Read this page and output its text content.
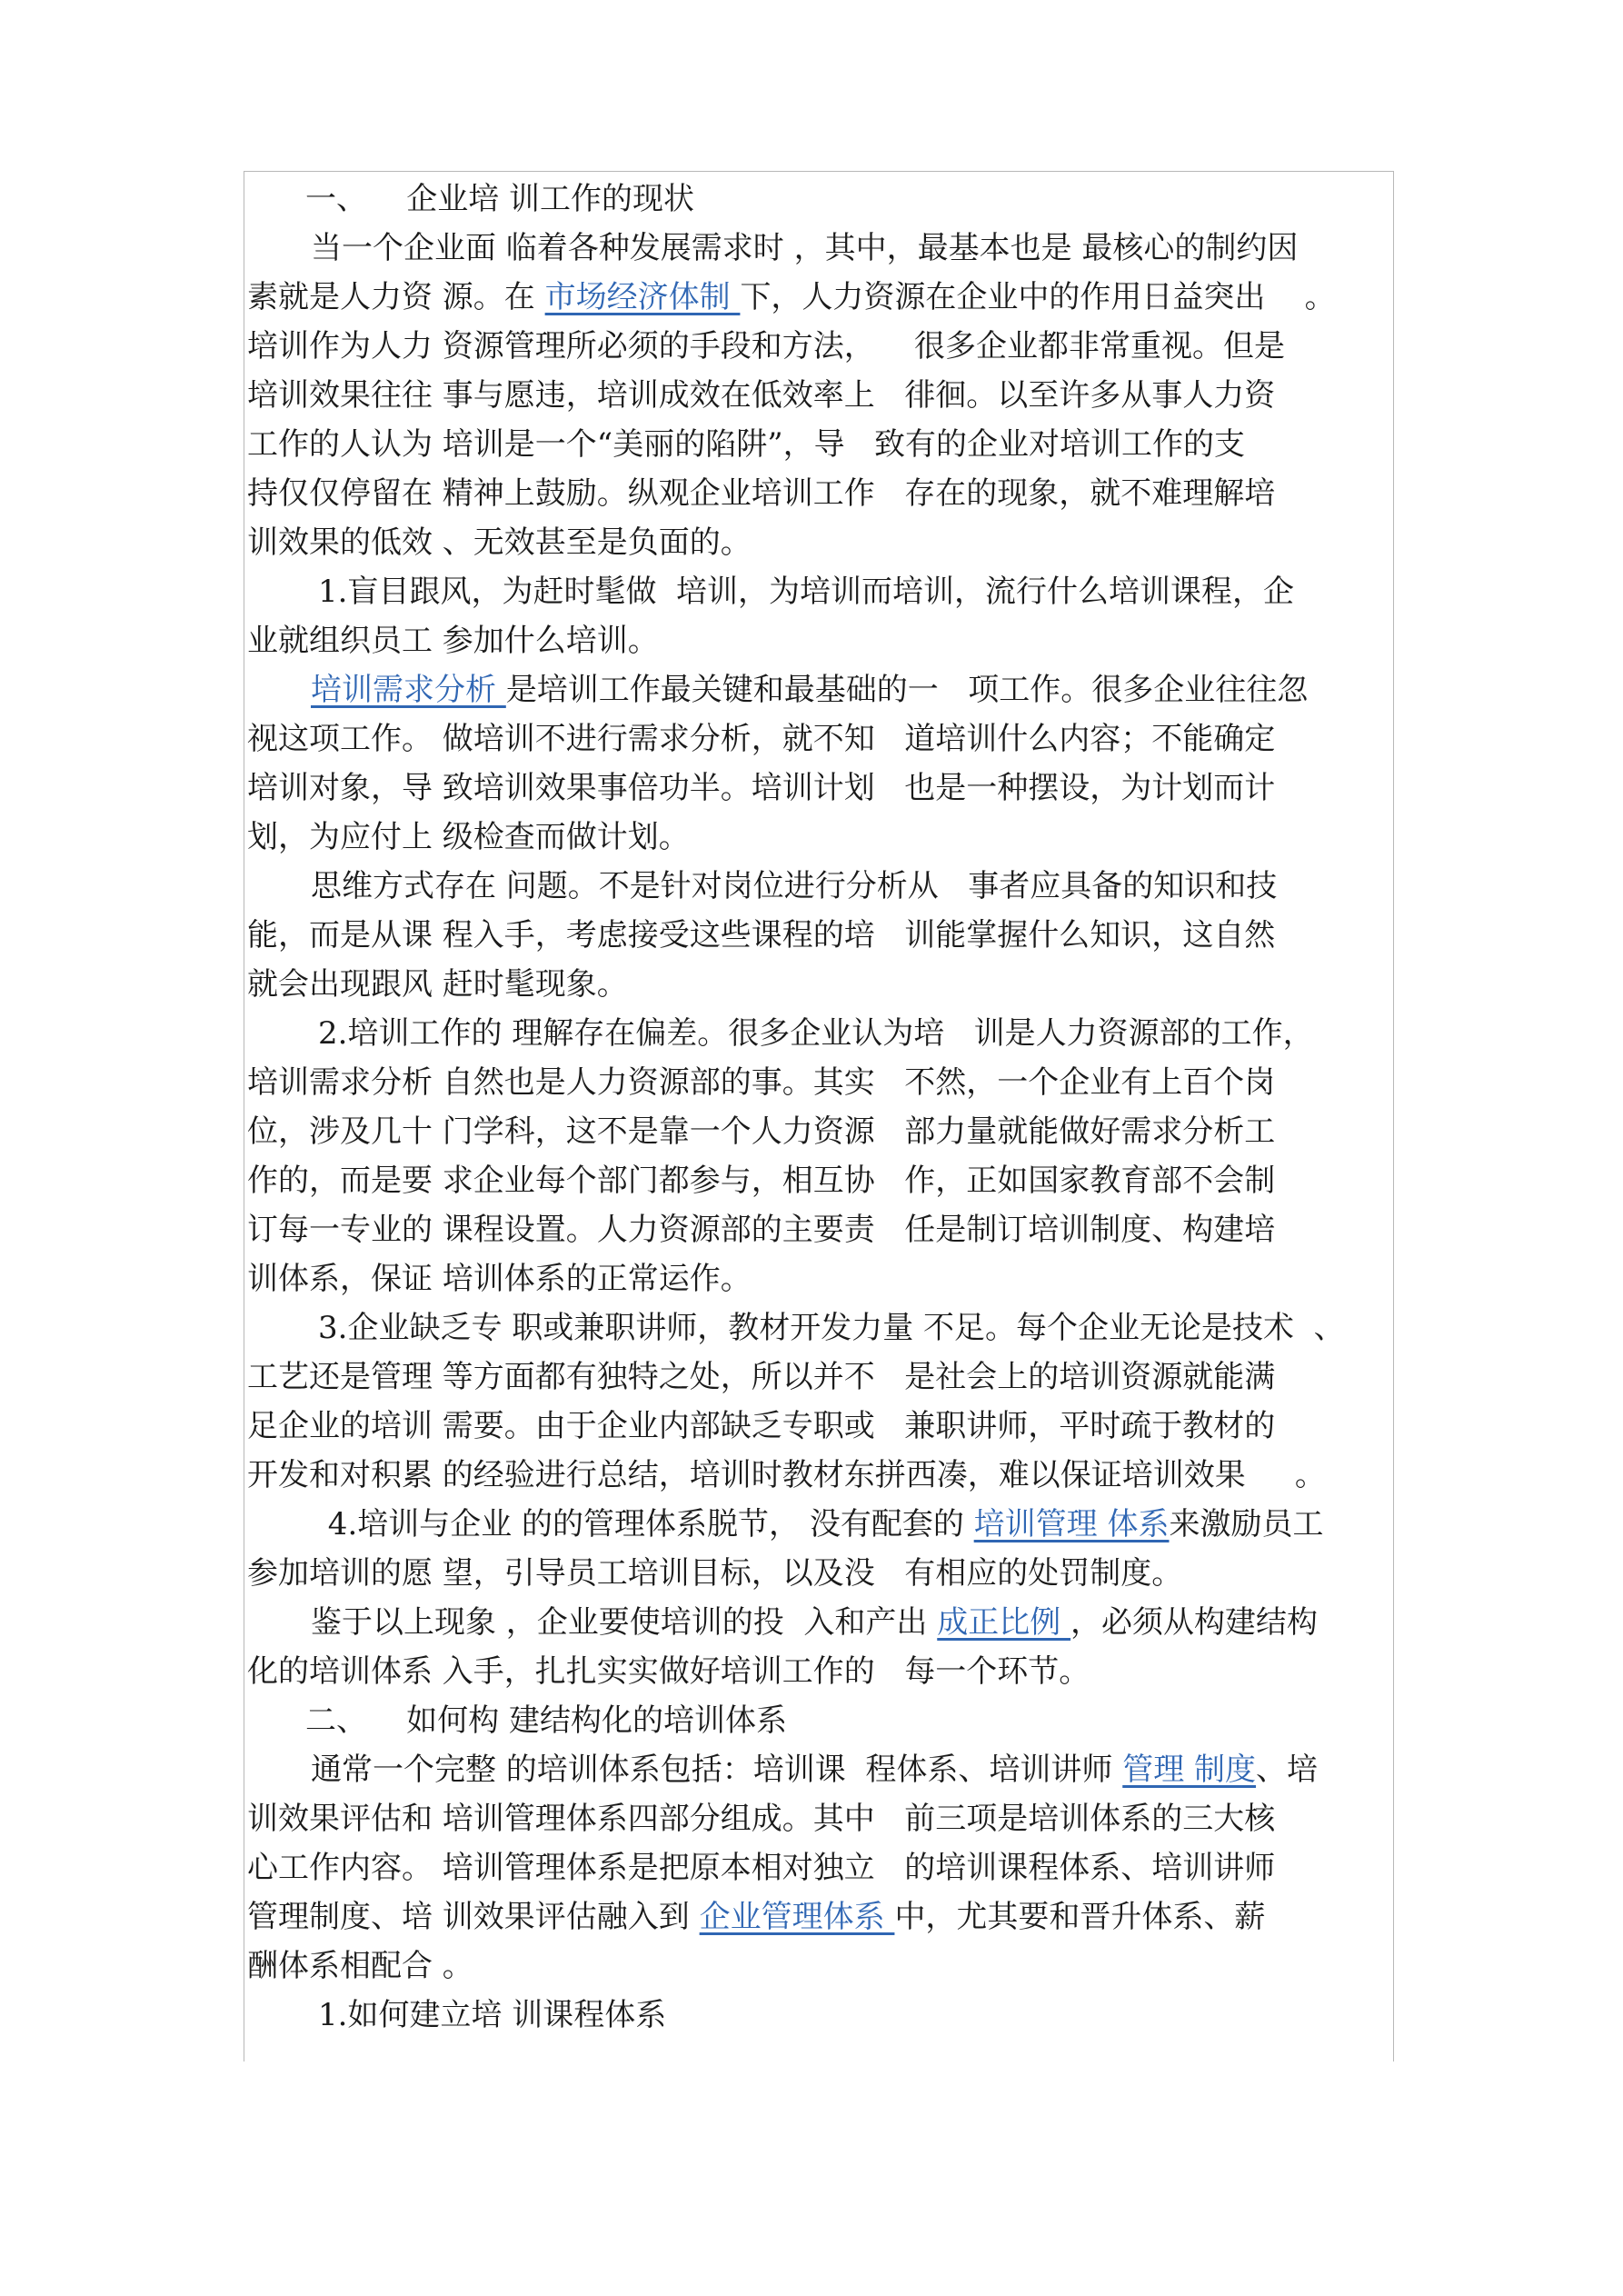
一、    企业培 训工作的现状
当一个企业面 临着各种发展需求时 ，其中，最基本也是 最核心的制约因
素就是人力资 源。在 市场经济体制 下，人力资源在企业中的作用日益突出    。
培训作为人力 资源管理所必须的手段和方法，    很多企业都非常重视。但是
培训效果往往 事与愿违，培训成效在低效率上   徘徊。以至许多从事人力资
工作的人认为 培训是一个“美丽的陷阱”，导   致有的企业对培训工作的支
持仅仅停留在 精神上鼓励。纵观企业培训工作   存在的现象，就不难理解培
训效果的低效 、无效甚至是负面的。
1.盲目跟风，为赶时髦做  培训，为培训而培训，流行什么培训课程，企
业就组织员工 参加什么培训。
培训需求分析 是培训工作最关键和最基础的一   项工作。很多企业往往忽
视这项工作。 做培训不进行需求分析，就不知   道培训什么内容；不能确定
培训对象，导 致培训效果事倍功半。培训计划   也是一种摆设，为计划而计
划，为应付上 级检查而做计划。
思维方式存在 问题。不是针对岗位进行分析从   事者应具备的知识和技
能，而是从课 程入手，考虑接受这些课程的培   训能掌握什么知识，这自然
就会出现跟风 赶时髦现象。
2.培训工作的 理解存在偏差。很多企业认为培   训是人力资源部的工作，
培训需求分析 自然也是人力资源部的事。其实   不然，一个企业有上百个岗
位，涉及几十 门学科，这不是靠一个人力资源   部力量就能做好需求分析工
作的，而是要 求企业每个部门都参与，相互协   作，正如国家教育部不会制
订每一专业的 课程设置。人力资源部的主要责   任是制订培训制度、构建培
训体系，保证 培训体系的正常运作。
3.企业缺乏专 职或兼职讲师，教材开发力量 不足。每个企业无论是技术  、
工艺还是管理 等方面都有独特之处，所以并不   是社会上的培训资源就能满
足企业的培训 需要。由于企业内部缺乏专职或   兼职讲师，平时疏于教材的
开发和对积累 的经验进行总结，培训时教材东拼西凑，难以保证培训效果     。
4.培训与企业 的的管理体系脱节， 没有配套的 培训管理 体系来激励员工
参加培训的愿 望，引导员工培训目标，以及没   有相应的处罚制度。
鉴于以上现象 ，企业要使培训的投  入和产出 成正比例 ，必须从构建结构
化的培训体系 入手，扎扎实实做好培训工作的   每一个环节。
二、    如何构 建结构化的培训体系
通常一个完整 的培训体系包括：培训课  程体系、培训讲师 管理 制度、培
训效果评估和 培训管理体系四部分组成。其中   前三项是培训体系的三大核
心工作内容。 培训管理体系是把原本相对独立   的培训课程体系、培训讲师
管理制度、培 训效果评估融入到 企业管理体系 中，尤其要和晋升体系、薪
酬体系相配合 。
1.如何建立培 训课程体系
